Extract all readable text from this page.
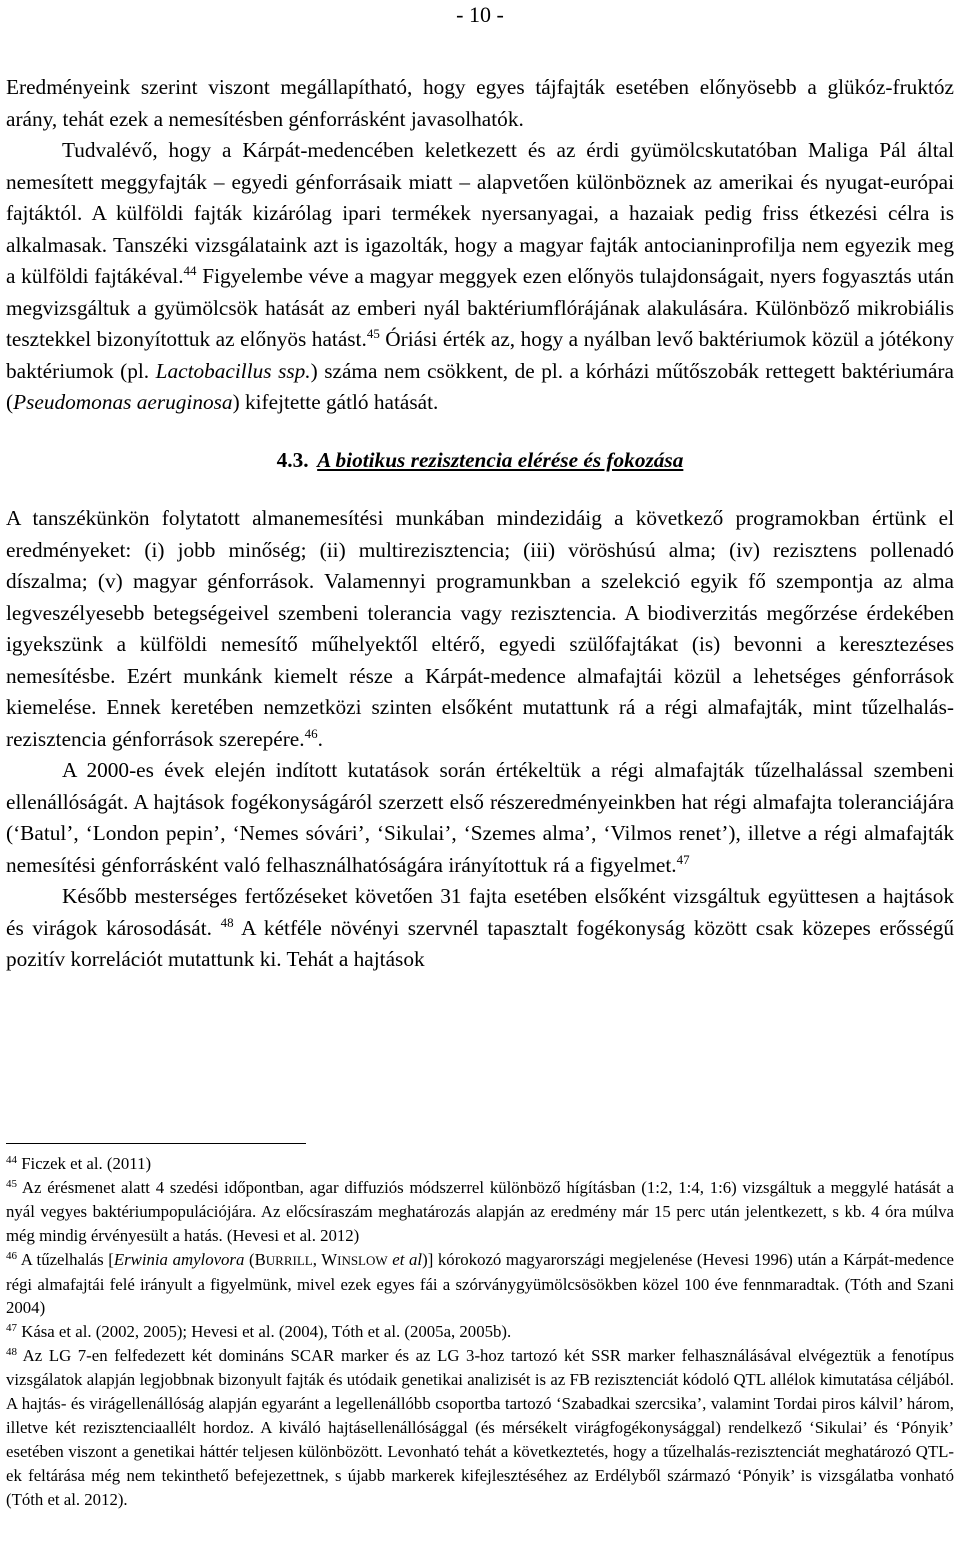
- 10 -

Eredményeink szerint viszont megállapítható, hogy egyes tájfajták esetében előnyösebb a glükóz-fruktóz arány, tehát ezek a nemesítésben génforrásként javasolhatók.

Tudvalévő, hogy a Kárpát-medencében keletkezett és az érdi gyümölcskutatóban Maliga Pál által nemesített meggyfajták – egyedi génforrásaik miatt – alapvetően különböznek az amerikai és nyugat-európai fajtáktól. A külföldi fajták kizárólag ipari termékek nyersanyagai, a hazaiak pedig friss étkezési célra is alkalmasak. Tanszéki vizsgálataink azt is igazolták, hogy a magyar fajták antocianinprofilja nem egyezik meg a külföldi fajtákéval.$^{44}$ Figyelembe véve a magyar meggyek ezen előnyös tulajdonságait, nyers fogyasztás után megvizsgáltuk a gyümölcsök hatását az emberi nyál baktériumflórájának alakulására. Különböző mikrobiális tesztekkel bizonyítottuk az előnyös hatást.$^{45}$ Óriási érték az, hogy a nyálban levő baktériumok közül a jótékony baktériumok (pl. Lactobacillus ssp.) száma nem csökkent, de pl. a kórházi műtőszobák rettegett baktériumára (Pseudomonas aeruginosa) kifejtette gátló hatását.

4.3. A biotikus rezisztencia elérése és fokozása

A tanszékünkön folytatott almanemesítési munkában mindezidáig a következő programokban értünk el eredményeket: (i) jobb minőség; (ii) multirezisztencia; (iii) vöröshúsú alma; (iv) rezisztens pollenadó díszalma; (v) magyar génforrások. Valamennyi programunkban a szelekció egyik fő szempontja az alma legveszélyesebb betegségeivel szembeni tolerancia vagy rezisztencia. A biodiverzitás megőrzése érdekében igyekszünk a külföldi nemesítő műhelyektől eltérő, egyedi szülőfajtákat (is) bevonni a keresztezéses nemesítésbe. Ezért munkánk kiemelt része a Kárpát-medence almafajtái közül a lehetséges génforrások kiemelése. Ennek keretében nemzetközi szinten elsőként mutattunk rá a régi almafajták, mint tűzelhalás-rezisztencia génforrások szerepére.$^{46}$.

A 2000-es évek elején indított kutatások során értékeltük a régi almafajták tűzelhalással szembeni ellenállóságát. A hajtások fogékonyságáról szerzett első részeredményeinkben hat régi almafajta toleranciájára (‘Batul’, ‘London pepin’, ‘Nemes sóvári’, ‘Sikulai’, ‘Szemes alma’, ‘Vilmos renet’), illetve a régi almafajták nemesítési génforrásként való felhasználhatóságára irányítottuk rá a figyelmet.$^{47}$

Később mesterséges fertőzéseket követően 31 fajta esetében elsőként vizsgáltuk együttesen a hajtások és virágok károsodását. $^{48}$ A kétféle növényi szervnél tapasztalt fogékonyság között csak közepes erősségű pozitív korrelációt mutattunk ki. Tehát a hajtások

$^{44}$ Ficzek et al. (2011)

$^{45}$ Az érésmenet alatt 4 szedési időpontban, agar diffuziós módszerrel különböző hígításban (1:2, 1:4, 1:6) vizsgáltuk a meggylé hatását a nyál vegyes baktériumpopulációjára. Az előcsíraszám meghatározás alapján az eredmény már 15 perc után jelentkezett, s kb. 4 óra múlva még mindig érvényesült a hatás. (Hevesi et al. 2012)

$^{46}$ A tűzelhalás [Erwinia amylovora (BURRILL, WINSLOW et al)] kórokozó magyarországi megjelenése (Hevesi 1996) után a Kárpát-medence régi almafajtái felé irányult a figyelmünk, mivel ezek egyes fái a szórványgyümölcsösökben közel 100 éve fennmaradtak. (Tóth and Szani 2004)

$^{47}$ Kása et al. (2002, 2005); Hevesi et al. (2004), Tóth et al. (2005a, 2005b).

$^{48}$ Az LG 7-en felfedezett két domináns SCAR marker és az LG 3-hoz tartozó két SSR marker felhasználásával elvégeztük a fenotípus vizsgálatok alapján legjobbnak bizonyult fajták és utódaik genetikai analizisét is az FB rezisztenciát kódoló QTL allélok kimutatása céljából. A hajtás- és virágellenállóság alapján egyaránt a legellenállóbb csoportba tartozó ‘Szabadkai szercsika’, valamint Tordai piros kálvil’ három, illetve két rezisztenciaallélt hordoz. A kiváló hajtásellenállósággal (és mérsékelt virágfogékonysággal) rendelkező ‘Sikulai’ és ‘Pónyik’ esetében viszont a genetikai háttér teljesen különbözött. Levonható tehát a következtetés, hogy a tűzelhalás-rezisztenciát meghatározó QTL-ek feltárása még nem tekinthető befejezettnek, s újabb markerek kifejlesztéséhez az Erdélyből származó ‘Pónyik’ is vizsgálatba vonható (Tóth et al. 2012).
